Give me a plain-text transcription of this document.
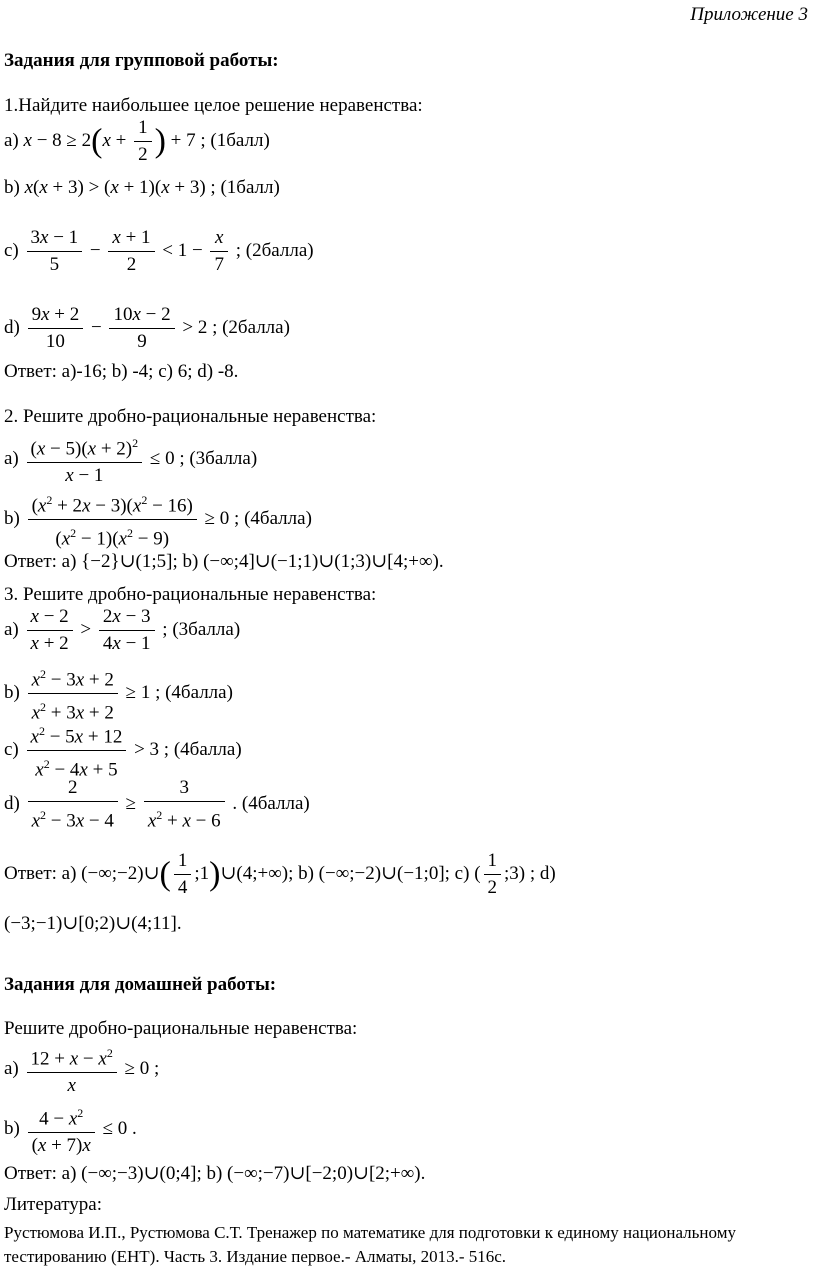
Приложение 3
Задания для групповой работы:
1.Найдите наибольшее целое решение неравенства:
a) $x - 8 \ge 2(x + \frac{1}{2}$ ) + 7 ; (1балл)
b) x(x + 3) > (x + 1)(x + 3) ; (1балл)
$c) \frac{3x - 1}{5} - \frac{x + 1}{2} < 1 - \frac{x}{7}$ ; (2балла)
$d) \frac{9x + 2}{10} - \frac{10x - 2}{9} > 2$ ; (2балла)
Ответ: а)-16; b) -4; c) 6; d) -8.
2. Решите дробно-рациональные неравенства:
$a) \frac{(x - 5)(x + 2)^2}{x - 1} \le 0$ ; (3балла)
$b) \frac{(x^2 + 2x - 3)(x^2 - 16)}{(x^2 - 1)(x^2 - 9)} \ge 0$ ; (4балла)
Ответ: а) {−2}∪(1;5]; b) (−∞;4]∪(−1;1)∪(1;3)∪[4;+∞).
3. Решите дробно-рациональные неравенства:
$a) \frac{x - 2}{x + 2} > \frac{2x - 3}{4x - 1}$ ; (3балла)
$b) \frac{x^2 - 3x + 2}{x^2 + 3x + 2} \ge 1$ ; (4балла)
$c) \frac{x^2 - 5x + 12}{x^2 - 4x + 5} > 3$ ; (4балла)
$d) \frac{2}{x^2 - 3x - 4} \ge \frac{3}{x^2 + x - 6}$ . (4балла)
Ответ: а) (−∞;−2)∪( $\frac{1}{4}$ ;1)∪(4;+∞); b) (−∞;−2)∪(−1;0]; c) ( $\frac{1}{2}$ ;3) ; d)
(−3;−1)∪[0;2)∪(4;11].
Задания для домашней работы:
Решите дробно-рациональные неравенства:
$a) \frac{12 + x - x^2}{x} \ge 0$ ;
$b) \frac{4 - x^2}{(x + 7)x} \le 0$ .
Ответ: а) (−∞;−3)∪(0;4]; b) (−∞;−7)∪[−2;0)∪[2;+∞).
Литература:
Рустюмова И.П., Рустюмова С.Т. Тренажер по математике для подготовки к единому национальному
тестированию (ЕНТ). Часть 3. Издание первое.- Алматы, 2013.- 516с.
